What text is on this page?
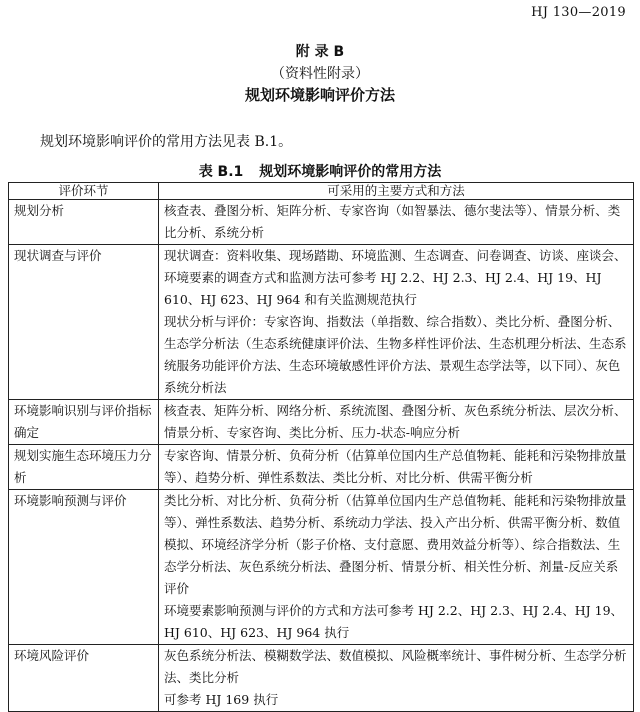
HJ 130—2019
附 录 B
（资料性附录）
规划环境影响评价方法
规划环境影响评价的常用方法见表 B.1。
表 B.1 规划环境影响评价的常用方法
评价环节	可采用的主要方式和方法
规划分析	核查表、叠图分析、矩阵分析、专家咨询（如智暴法、德尔斐法等）、情景分析、类比分析、系统分析

现状调查与评价	现状调查：资料收集、现场踏勘、环境监测、生态调查、问卷调查、访谈、座谈会、环境要素的调查方式和监测方法可参考 HJ 2.2、HJ 2.3、HJ 2.4、HJ 19、HJ 610、HJ 623、HJ 964 和有关监测规范执行

现状分析与评价：专家咨询、指数法（单指数、综合指数）、类比分析、叠图分析、生态学分析法（生态系统健康评价法、生物多样性评价法、生态机理分析法、生态系统服务功能评价方法、生态环境敏感性评价方法、景观生态学法等，以下同）、灰色系统分析法

环境影响识别与评价指标确定	核查表、矩阵分析、网络分析、系统流图、叠图分析、灰色系统分析法、层次分析、情景分析、专家咨询、类比分析、压力-状态-响应分析

规划实施生态环境压力分析	专家咨询、情景分析、负荷分析（估算单位国内生产总值物耗、能耗和污染物排放量等）、趋势分析、弹性系数法、类比分析、对比分析、供需平衡分析

环境影响预测与评价	类比分析、对比分析、负荷分析（估算单位国内生产总值物耗、能耗和污染物排放量等）、弹性系数法、趋势分析、系统动力学法、投入产出分析、供需平衡分析、数值模拟、环境经济学分析（影子价格、支付意愿、费用效益分析等）、综合指数法、生态学分析法、灰色系统分析法、叠图分析、情景分析、相关性分析、剂量-反应关系评价

环境要素影响预测与评价的方式和方法可参考 HJ 2.2、HJ 2.3、HJ 2.4、HJ 19、HJ 610、HJ 623、HJ 964 执行

环境风险评价	灰色系统分析法、模糊数学法、数值模拟、风险概率统计、事件树分析、生态学分析法、类比分析

可参考 HJ 169 执行
